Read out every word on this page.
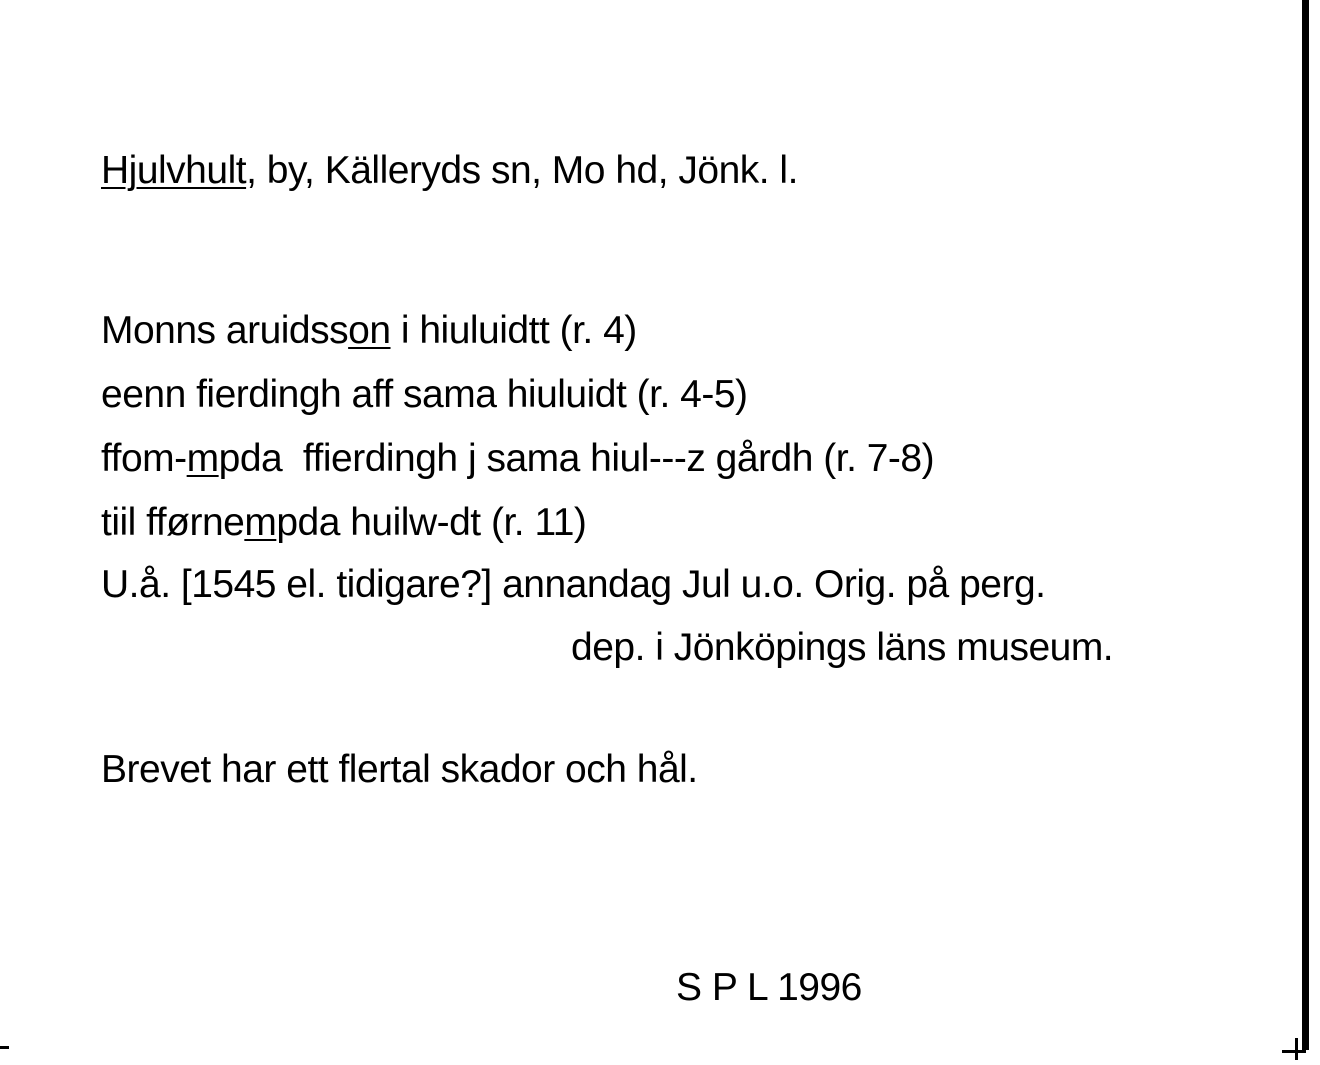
Hjulvhult, by, Källeryds sn, Mo hd, Jönk. l.
Monns aruidsson i hiuluidtt (r. 4)
eenn fierdingh aff sama hiuluidt (r. 4-5)
ffom-mpda  ffierdingh j sama hiul---z gårdh (r. 7-8)
tiil fførnempda huilw-dt (r. 11)
U.å. [1545 el. tidigare?] annandag Jul u.o. Orig. på perg.
dep. i Jönköpings läns museum.
Brevet har ett flertal skador och hål.
S P L 1996
